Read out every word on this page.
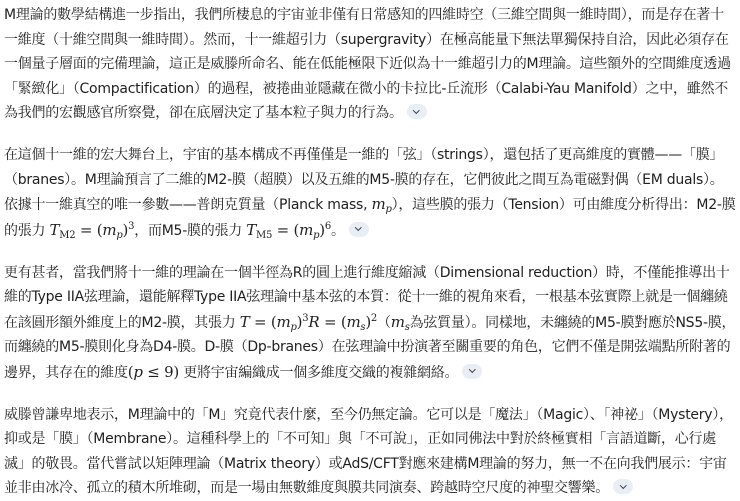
M理論的數學結構進一步指出，我們所棲息的宇宙並非僅有日常感知的四維時空（三維空間與一維時間），而是存在著十一維度（十維空間與一維時間）。然而，十一維超引力（supergravity）在極高能量下無法單獨保持自洽，因此必須存在一個量子層面的完備理論，這正是威滕所命名、能在低能極限下近似為十一維超引力的M理論。這些額外的空間維度透過「緊緻化」（Compactification）的過程，被捲曲並隱藏在微小的卡拉比-丘流形（Calabi-Yau Manifold）之中，雖然不為我們的宏觀感官所察覺，卻在底層決定了基本粒子與力的行為。

在這個十一維的宏大舞台上，宇宙的基本構成不再僅僅是一維的「弦」（strings），還包括了更高維度的實體——「膜」（branes）。M理論預言了二維的M2-膜（超膜）以及五維的M5-膜的存在，它們彼此之間互為電磁對偶（EM duals）。依據十一維真空的唯一參數——普朗克質量（Planck mass, $m_p$），這些膜的張力（Tension）可由維度分析得出：M2-膜的張力 $T_{M2} = (m_p)^3$，而M5-膜的張力 $T_{M5} = (m_p)^6$。

更有甚者，當我們將十一維的理論在一個半徑為R的圓上進行維度縮減（Dimensional reduction）時，不僅能推導出十維的Type IIA弦理論，還能解釋Type IIA弦理論中基本弦的本質：從十一維的視角來看，一根基本弦實際上就是一個纏繞在該圓形額外維度上的M2-膜，其張力 $T = (m_p)^3R = (m_s)^2(m_s$為弦質量）。同樣地，未纏繞的M5-膜對應於NS5-膜，而纏繞的M5-膜則化身為D4-膜。D-膜（Dp-branes）在弦理論中扮演著至關重要的角色，它們不僅是開弦端點所附著的邊界，其存在的維度(p ≤ 9) 更將宇宙編織成一個多維度交織的複雜網絡。

威滕曾謙卑地表示，M理論中的「M」究竟代表什麼，至今仍無定論。它可以是「魔法」（Magic）、「神祕」（Mystery），抑或是「膜」（Membrane）。這種科學上的「不可知」與「不可說」，正如同佛法中對於終極實相「言語道斷，心行處滅」的敬畏。當代嘗試以矩陣理論（Matrix theory）或AdS/CFT對應來建構M理論的努力，無一不在向我們展示：宇宙並非由冰冷、孤立的積木所堆砌，而是一場由無數維度與膜共同演奏、跨越時空尺度的神聖交響樂。
